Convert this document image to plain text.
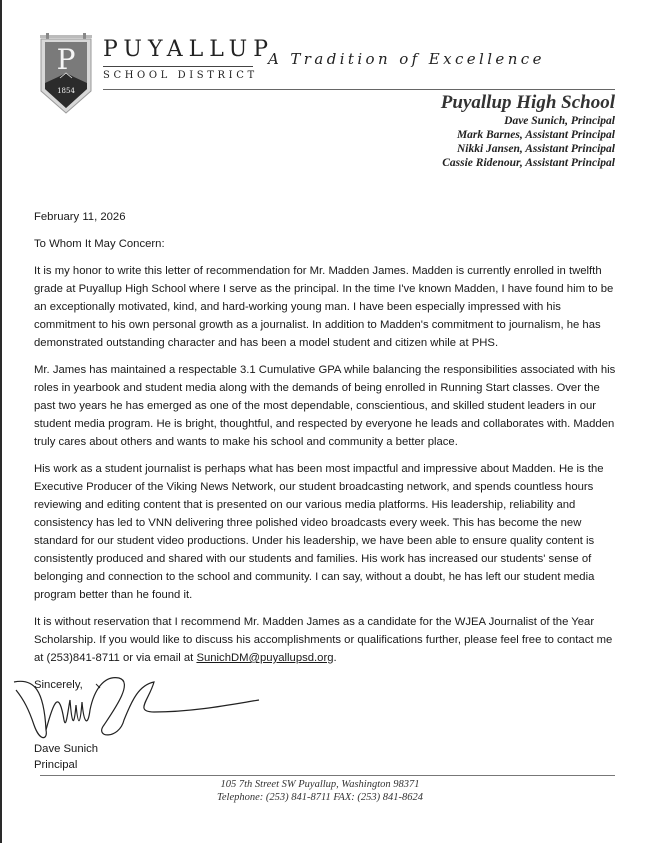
P
1854
PUYALLUP
SCHOOL DISTRICT
A Tradition of Excellence
Puyallup High School
Dave Sunich, Principal
Mark Barnes, Assistant Principal
Nikki Jansen, Assistant Principal
Cassie Ridenour, Assistant Principal

February 11, 2026

To Whom It May Concern:

It is my honor to write this letter of recommendation for Mr. Madden James. Madden is currently enrolled in twelfth grade at Puyallup High School where I serve as the principal. In the time I've known Madden, I have found him to be an exceptionally motivated, kind, and hard-working young man. I have been especially impressed with his commitment to his own personal growth as a journalist. In addition to Madden's commitment to journalism, he has demonstrated outstanding character and has been a model student and citizen while at PHS.

Mr. James has maintained a respectable 3.1 Cumulative GPA while balancing the responsibilities associated with his roles in yearbook and student media along with the demands of being enrolled in Running Start classes. Over the past two years he has emerged as one of the most dependable, conscientious, and skilled student leaders in our student media program. He is bright, thoughtful, and respected by everyone he leads and collaborates with. Madden truly cares about others and wants to make his school and community a better place.

His work as a student journalist is perhaps what has been most impactful and impressive about Madden. He is the Executive Producer of the Viking News Network, our student broadcasting network, and spends countless hours reviewing and editing content that is presented on our various media platforms. His leadership, reliability and consistency has led to VNN delivering three polished video broadcasts every week. This has become the new standard for our student video productions. Under his leadership, we have been able to ensure quality content is consistently produced and shared with our students and families. His work has increased our students' sense of belonging and connection to the school and community. I can say, without a doubt, he has left our student media program better than he found it.

It is without reservation that I recommend Mr. Madden James as a candidate for the WJEA Journalist of the Year Scholarship. If you would like to discuss his accomplishments or qualifications further, please feel free to contact me at (253)841-8711 or via email at SunichDM@puyallupsd.org.

Sincerely,

Dave Sunich
Principal
105 7th Street SW Puyallup, Washington 98371
Telephone: (253) 841-8711 FAX: (253) 841-8624
